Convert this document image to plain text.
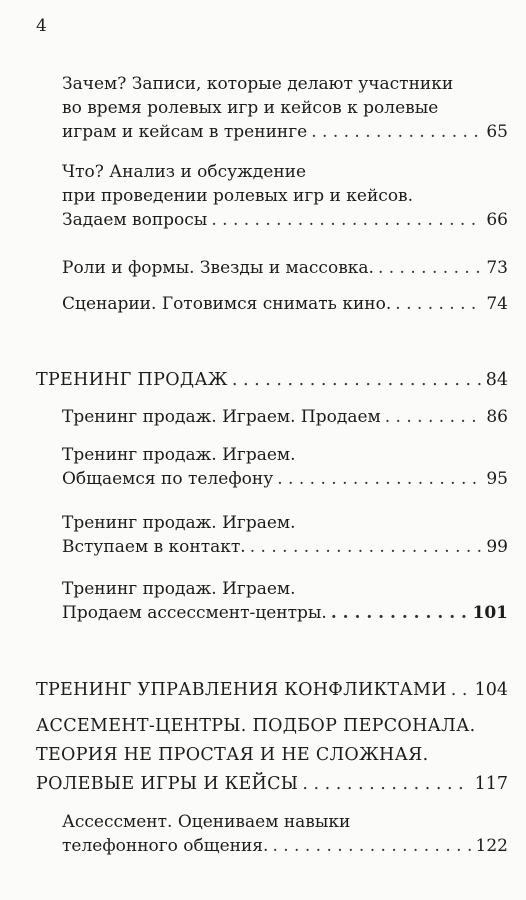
4
Зачем? Записи, которые делают участники
во время ролевых игр и кейсов к ролевые
играм и кейсам в тренинге . . .	65
Что? Анализ и обсуждение
при проведении ролевых игр и кейсов.
Задаем вопросы . . .	66
Роли и формы. Звезды и массовка. . . .	73
Сценарии. Готовимся снимать кино. . . .	74
ТРЕНИНГ ПРОДАЖ . . .	84
Тренинг продаж. Играем. Продаем . . .	86
Тренинг продаж. Играем.
Общаемся по телефону . . .	95
Тренинг продаж. Играем.
Вступаем в контакт. . . .	99
Тренинг продаж. Играем.
Продаем ассессмент-центры. . . .	101
ТРЕНИНГ УПРАВЛЕНИЯ КОНФЛИКТАМИ . . . 104
АССЕМЕНТ-ЦЕНТРЫ. ПОДБОР ПЕРСОНАЛА.
ТЕОРИЯ НЕ ПРОСТАЯ И НЕ СЛОЖНАЯ.
РОЛЕВЫЕ ИГРЫ И КЕЙСЫ . . .	117
Ассессмент. Оцениваем навыки
телефонного общения. . . .	122
